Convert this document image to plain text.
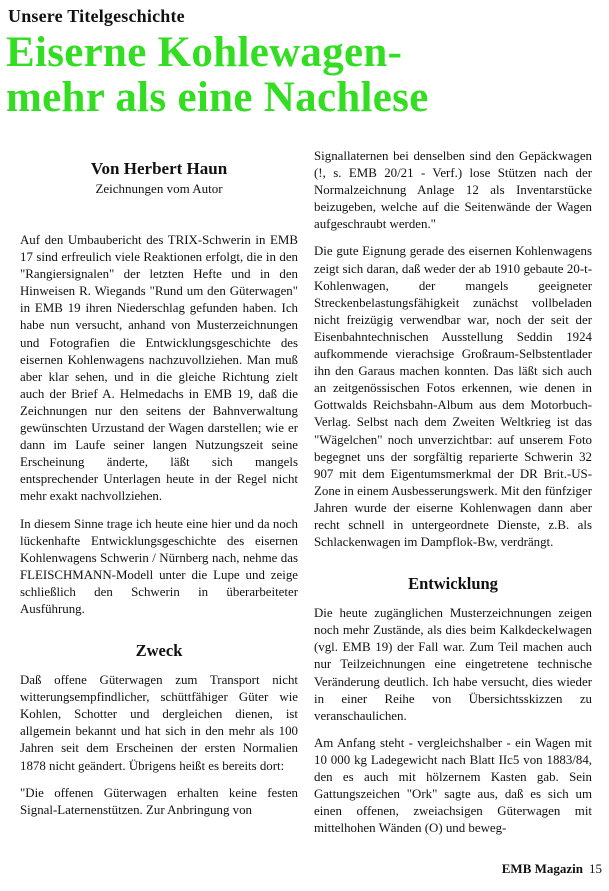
Unsere Titelgeschichte
Eiserne Kohlewagen-
mehr als eine Nachlese
Von Herbert Haun
Zeichnungen vom Autor

Auf den Umbaubericht des TRIX-Schwerin in EMB 17 sind erfreulich viele Reaktionen erfolgt, die in den "Rangiersignalen" der letzten Hefte und in den Hinweisen R. Wiegands "Rund um den Güterwagen" in EMB 19 ihren Niederschlag gefunden haben. Ich habe nun versucht, anhand von Musterzeichnungen und Fotografien die Entwicklungsgeschichte des eisernen Kohlenwagens nachzuvollziehen. Man muß aber klar sehen, und in die gleiche Richtung zielt auch der Brief A. Helmedachs in EMB 19, daß die Zeichnungen nur den seitens der Bahnverwaltung gewünschten Urzustand der Wagen darstellen; wie er dann im Laufe seiner langen Nutzungszeit seine Erscheinung änderte, läßt sich mangels entsprechender Unterlagen heute in der Regel nicht mehr exakt nachvollziehen.

In diesem Sinne trage ich heute eine hier und da noch lückenhafte Entwicklungsgeschichte des eisernen Kohlenwagens Schwerin / Nürnberg nach, nehme das FLEISCHMANN-Modell unter die Lupe und zeige schließlich den Schwerin in überarbeiteter Ausführung.

Zweck

Daß offene Güterwagen zum Transport nicht witterungsempfindlicher, schüttfähiger Güter wie Kohlen, Schotter und dergleichen dienen, ist allgemein bekannt und hat sich in den mehr als 100 Jahren seit dem Erscheinen der ersten Normalien 1878 nicht geändert. Übrigens heißt es bereits dort:

"Die offenen Güterwagen erhalten keine festen Signal-Laternenstützen. Zur Anbringung von

Signallaternen bei denselben sind den Gepäckwagen (!, s. EMB 20/21 - Verf.) lose Stützen nach der Normalzeichnung Anlage 12 als Inventarstücke beizugeben, welche auf die Seitenwände der Wagen aufgeschraubt werden."

Die gute Eignung gerade des eisernen Kohlenwagens zeigt sich daran, daß weder der ab 1910 gebaute 20-t-Kohlenwagen, der mangels geeigneter Streckenbelastungsfähigkeit zunächst vollbeladen nicht freizügig verwendbar war, noch der seit der Eisenbahntechnischen Ausstellung Seddin 1924 aufkommende vierachsige Großraum-Selbstentlader ihn den Garaus machen konnten. Das läßt sich auch an zeitgenössischen Fotos erkennen, wie denen in Gottwalds Reichsbahn-Album aus dem Motorbuch-Verlag. Selbst nach dem Zweiten Weltkrieg ist das "Wägelchen" noch unverzichtbar: auf unserem Foto begegnet uns der sorgfältig reparierte Schwerin 32 907 mit dem Eigentumsmerkmal der DR Brit.-US-Zone in einem Ausbesserungswerk. Mit den fünfziger Jahren wurde der eiserne Kohlenwagen dann aber recht schnell in untergeordnete Dienste, z.B. als Schlackenwagen im Dampflok-Bw, verdrängt.

Entwicklung

Die heute zugänglichen Musterzeichnungen zeigen noch mehr Zustände, als dies beim Kalkdeckelwagen (vgl. EMB 19) der Fall war. Zum Teil machen auch nur Teilzeichnungen eine eingetretene technische Veränderung deutlich. Ich habe versucht, dies wieder in einer Reihe von Übersichtsskizzen zu veranschaulichen.

Am Anfang steht - vergleichshalber - ein Wagen mit 10 000 kg Ladegewicht nach Blatt IIc5 von 1883/84, den es auch mit hölzernem Kasten gab. Sein Gattungszeichen "Ork" sagte aus, daß es sich um einen offenen, zweiachsigen Güterwagen mit mittelhohen Wänden (O) und beweg-

EMB Magazin 15
